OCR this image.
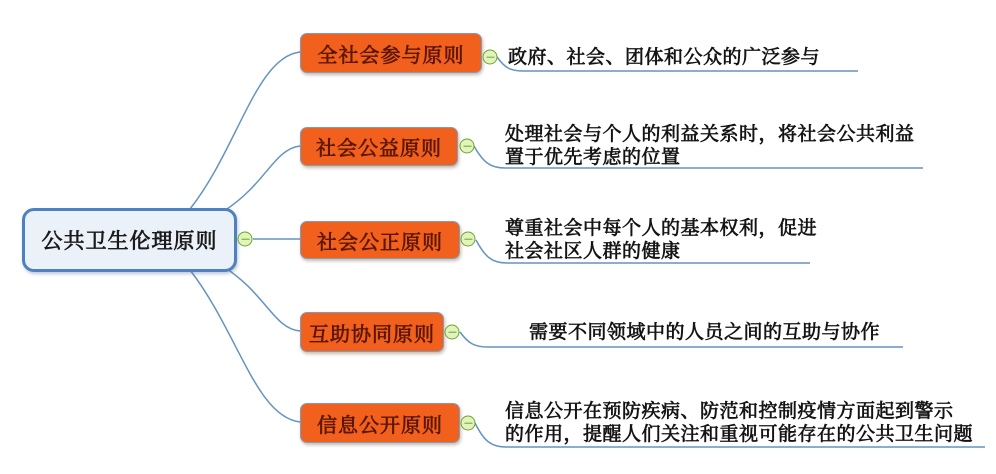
公共卫生伦理原则
全社会参与原则 政府、社会、团体和公众的广泛参与
社会公益原则
处理社会与个人的利益关系时，将社会公共利益
置于优先考虑的位置
社会公正原则
尊重社会中每个人的基本权利，促进
社会社区人群的健康
互助协同原则	需要不同领域中的人员之间的互助与协作
信息公开原则
信息公开在预防疾病、防范和控制疫情方面起到警示
的作用，提醒人们关注和重视可能存在的公共卫生问题
